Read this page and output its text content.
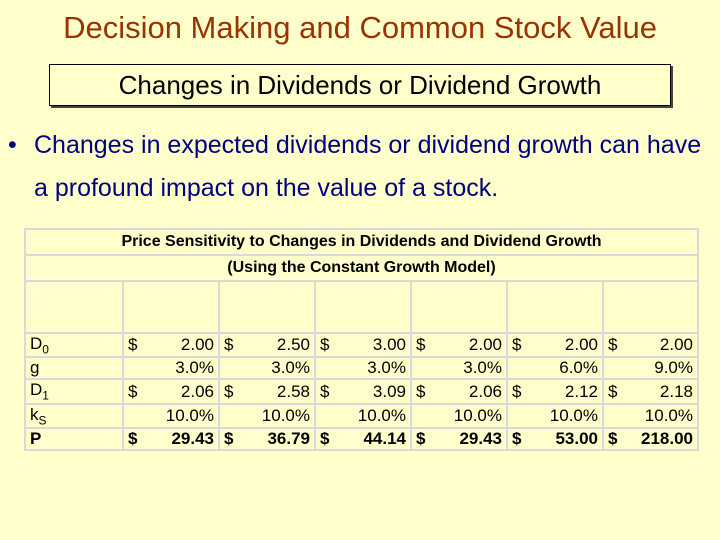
Decision Making and Common Stock Value
Changes in Dividends or Dividend Growth
• Changes in expected dividends or dividend growth can have a profound impact on the value of a stock.
Price Sensitivity to Changes in Dividends and Dividend Growth						
(Using the Constant Growth Model)						

$D_0$	$ 2.00	$ 2.50	$ 3.00	$ 2.00	$ 2.00	$ 2.00

g	3.0%	3.0%	3.0%	3.0%	6.0%	9.0%

$D_1$	$ 2.06	$ 2.58	$ 3.09	$ 2.06	$ 2.12	$ 2.18

$k_S$	10.0%	10.0%	10.0%	10.0%	10.0%	10.0%

P	$ 29.43	$ 36.79	$ 44.14	$ 29.43	$ 53.00	$ 218.00
